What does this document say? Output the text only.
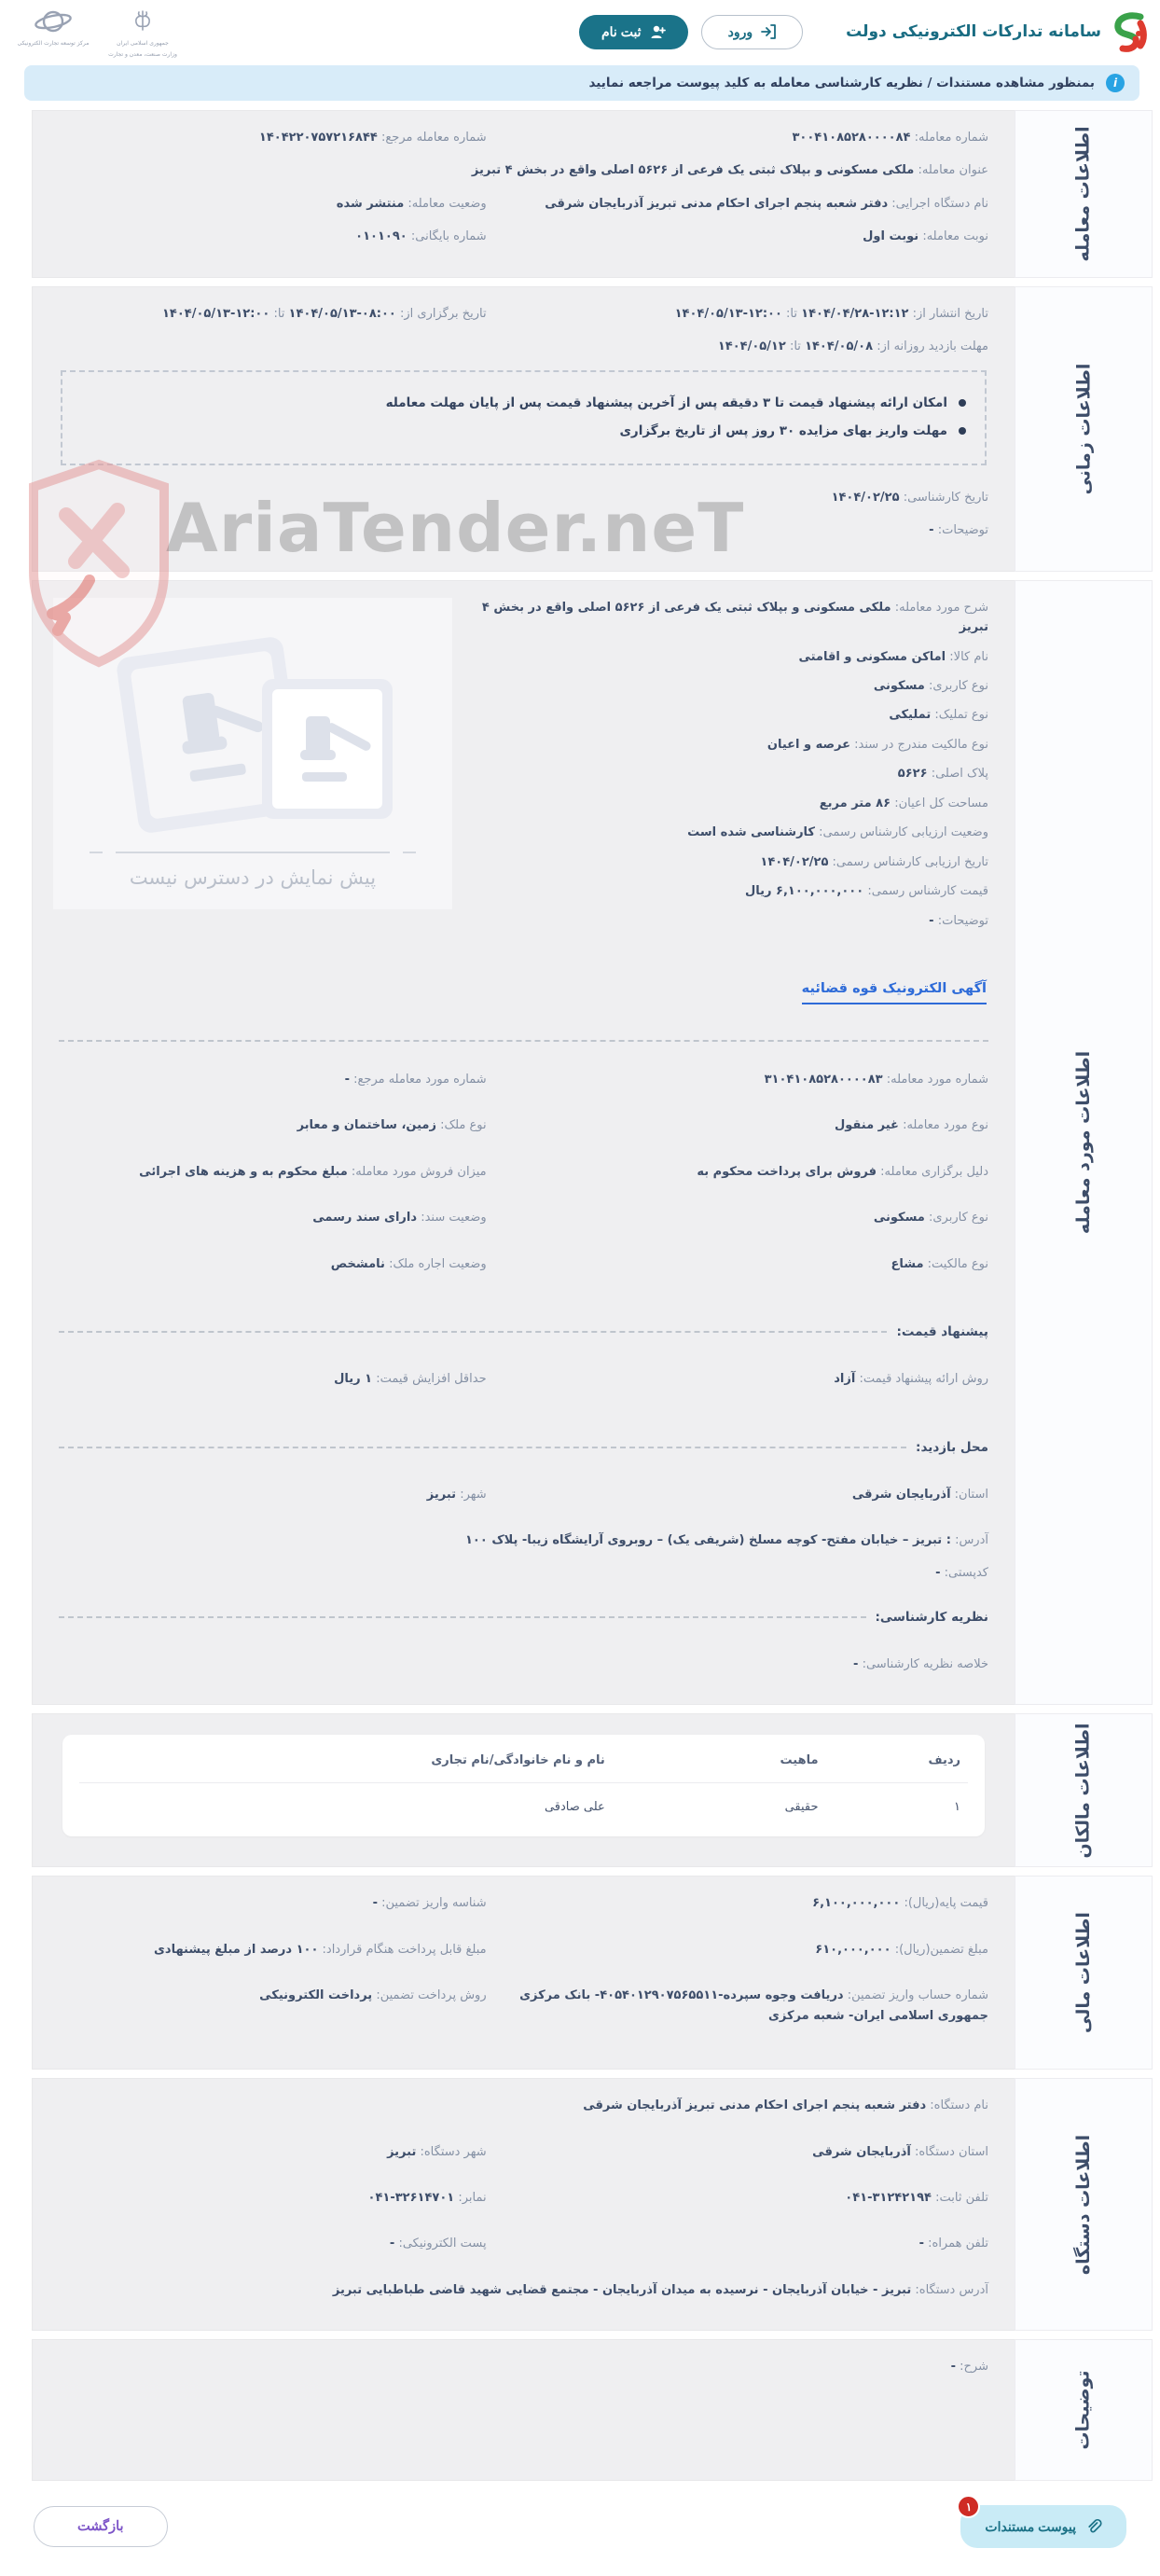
سامانه تدارکات الکترونیکی دولت
ورود
ثبت نام
جمهوری اسلامی ایران
وزارت صنعت، معدن و تجارت
مرکز توسعه تجارت الکترونیکی
i
بمنظور مشاهده مستندات / نظریه کارشناسی معامله به کلید پیوست مراجعه نمایید
اطلاعات معامله
شماره معامله: ۳۰۰۴۱۰۸۵۲۸۰۰۰۰۸۴
شماره معامله مرجع: ۱۴۰۴۲۲۰۷۵۷۲۱۶۸۴۴
عنوان معامله: ملکی مسکونی و بپلاک ثبتی یک فرعی از ۵۶۲۶ اصلی واقع در بخش ۴ تبریز
نام دستگاه اجرایی: دفتر شعبه پنجم اجرای احکام مدنی تبریز آذربایجان شرقی
وضعیت معامله: منتشر شده
نوبت معامله: نوبت اول
شماره بایگانی: ۰۱۰۱۰۹۰
اطلاعات زمانی
تاریخ انتشار از: ۱۴۰۴/۰۴/۲۸-۱۲:۱۲ تا: ۱۴۰۴/۰۵/۱۳-۱۲:۰۰
تاریخ برگزاری از: ۱۴۰۴/۰۵/۱۳-۰۸:۰۰ تا: ۱۴۰۴/۰۵/۱۳-۱۲:۰۰
مهلت بازدید روزانه از: ۱۴۰۴/۰۵/۰۸ تا: ۱۴۰۴/۰۵/۱۲
امکان ارائه پیشنهاد قیمت تا ۳ دقیقه پس از آخرین پیشنهاد قیمت پس از پایان مهلت معامله
مهلت واریز بهای مزایده ۳۰ روز پس از تاریخ برگزاری
تاریخ کارشناسی: ۱۴۰۴/۰۲/۲۵
توضیحات: -
اطلاعات مورد معامله
پیش نمایش در دسترس نیست
شرح مورد معامله: ملکی مسکونی و بپلاک ثبتی یک فرعی از ۵۶۲۶ اصلی واقع در بخش ۴ تبریز
نام کالا: اماکن مسکونی و اقامتی
نوع کاربری: مسکونی
نوع تملیک: تملیکی
نوع مالکیت مندرج در سند: عرصه و اعیان
پلاک اصلی: ۵۶۲۶
مساحت کل اعیان: ۸۶ متر مربع
وضعیت ارزیابی کارشناس رسمی: کارشناسی شده است
تاریخ ارزیابی کارشناس رسمی: ۱۴۰۴/۰۲/۲۵
قیمت کارشناس رسمی: ۶,۱۰۰,۰۰۰,۰۰۰ ریال
توضیحات: -
آگهی الکترونیک قوه قضائیه
شماره مورد معامله: ۳۱۰۴۱۰۸۵۲۸۰۰۰۰۸۳
شماره مورد معامله مرجع: -
نوع مورد معامله: غیر منقول
نوع ملک: زمین، ساختمان و معابر
دلیل برگزاری معامله: فروش برای پرداخت محکوم به
میزان فروش مورد معامله: مبلغ محکوم به و هزینه های اجرائی
نوع کاربری: مسکونی
وضعیت سند: دارای سند رسمی
نوع مالکیت: مشاع
وضعیت اجاره ملک: نامشخص
پیشنهاد قیمت:
روش ارائه پیشنهاد قیمت: آزاد
حداقل افزایش قیمت: ۱ ریال
محل بازدید:
استان: آذربایجان شرقی
شهر: تبریز
آدرس: : تبریز – خیابان مفتح- کوچه مسلخ (شریفی یک) – روبروی آرایشگاه زیبا- پلاک ۱۰۰
کدپستی: -
نظریه کارشناسی:
خلاصه نظریه کارشناسی: -
اطلاعات مالکان
ردیف	ماهیت	نام و نام خانوادگی/نام تجاری
۱	حقیقی	علی صادقی
اطلاعات مالی
قیمت پایه(ریال): ۶,۱۰۰,۰۰۰,۰۰۰
شناسه واریز تضمین: -
مبلغ تضمین(ریال): ۶۱۰,۰۰۰,۰۰۰
مبلغ قابل پرداخت هنگام قرارداد: ۱۰۰ درصد از مبلغ پیشنهادی
شماره حساب واریز تضمین: دریافت وجوه سپرده-۴۰۵۴۰۱۲۹۰۷۵۶۵۵۱۱- بانک مرکزی جمهوری اسلامی ایران- شعبه مرکزی
روش پرداخت تضمین: پرداخت الکترونیکی
اطلاعات دستگاه
نام دستگاه: دفتر شعبه پنجم اجرای احکام مدنی تبریز آذربایجان شرقی
استان دستگاه: آذربایجان شرقی
شهر دستگاه: تبریز
تلفن ثابت: ۰۴۱-۳۱۲۴۲۱۹۴
نمابر: ۰۴۱-۳۲۶۱۴۷۰۱
تلفن همراه: -
پست الکترونیکی: -
آدرس دستگاه: تبریز - خیابان آذربایجان - نرسیده به میدان آذربایجان - مجتمع قضایی شهید قاضی طباطبایی تبریز
توضیحات
شرح: -
۱
پیوست مستندات
بازگشت
AriaTender.neT
